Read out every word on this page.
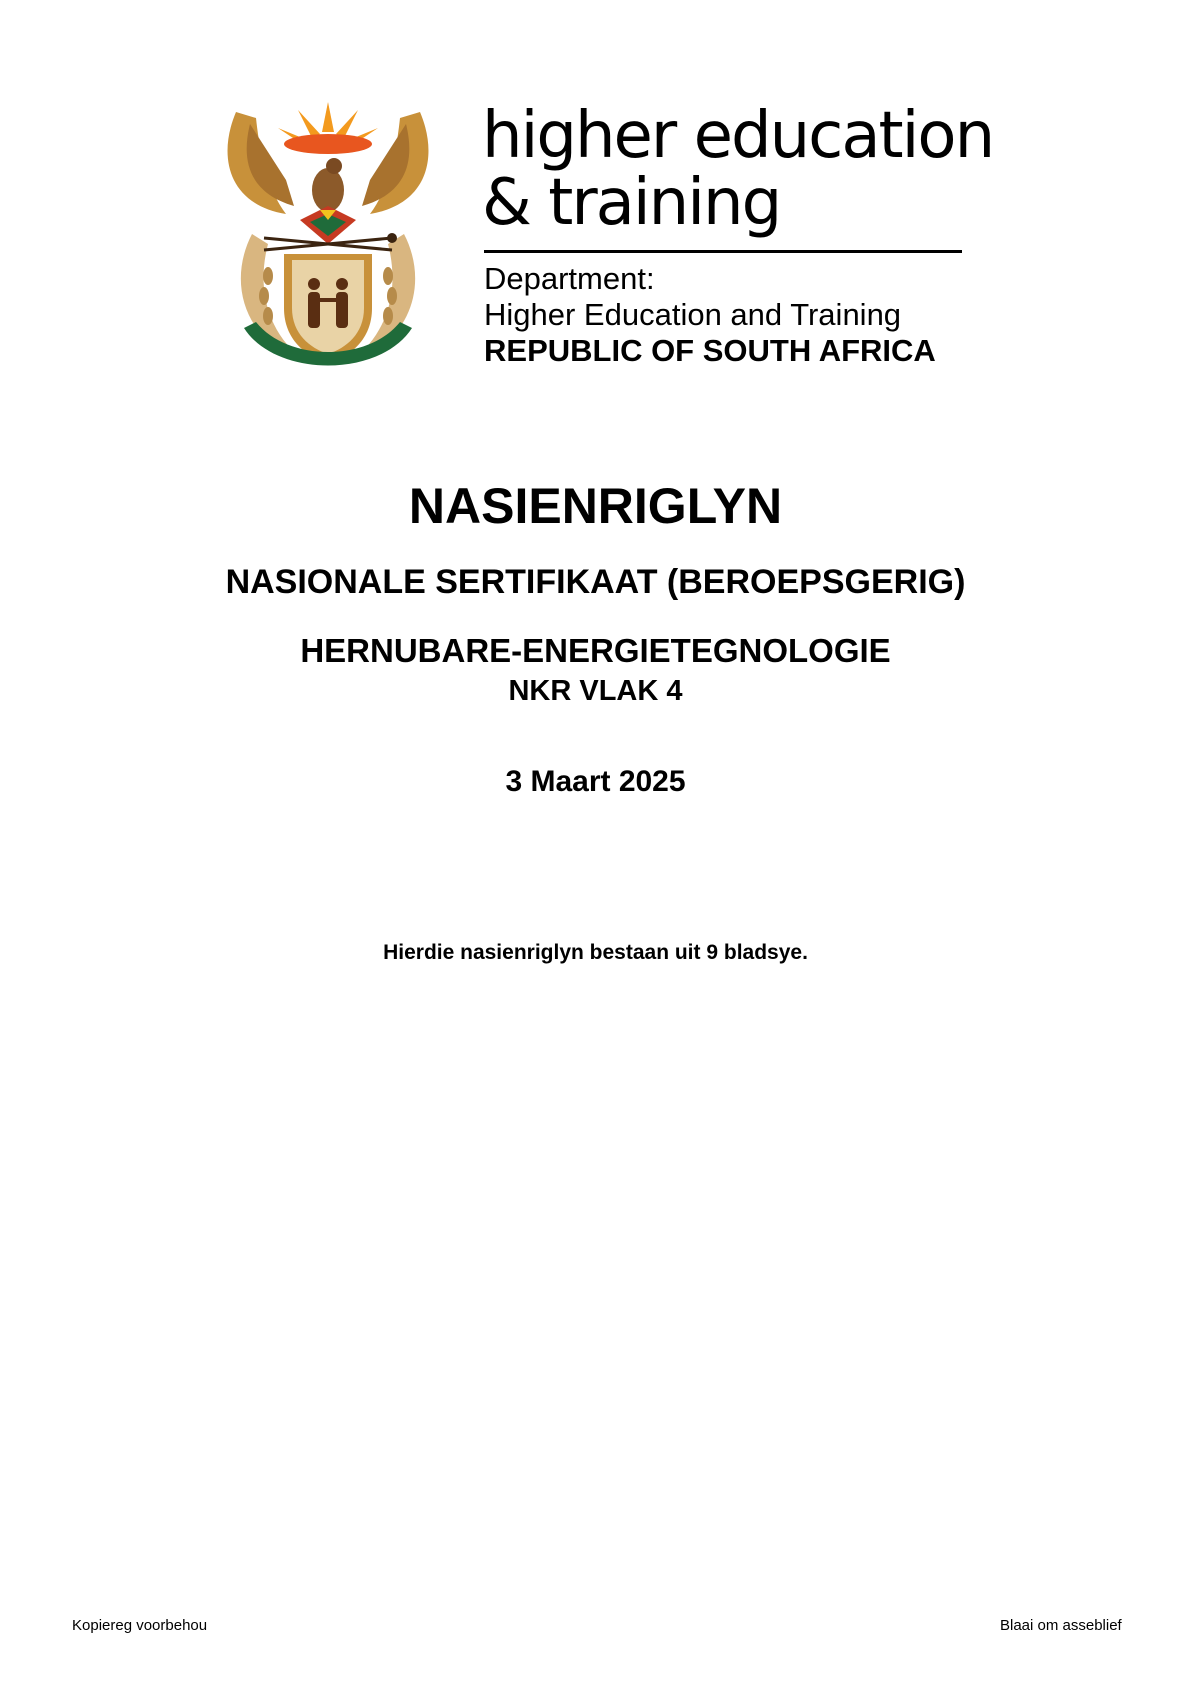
higher education
& training
Department:
Higher Education and Training
REPUBLIC OF SOUTH AFRICA
NASIENRIGLYN
NASIONALE SERTIFIKAAT (BEROEPSGERIG)
HERNUBARE-ENERGIETEGNOLOGIE
NKR VLAK 4
3 Maart 2025
Hierdie nasienriglyn bestaan uit 9 bladsye.
Kopiereg voorbehou	Blaai om asseblief
